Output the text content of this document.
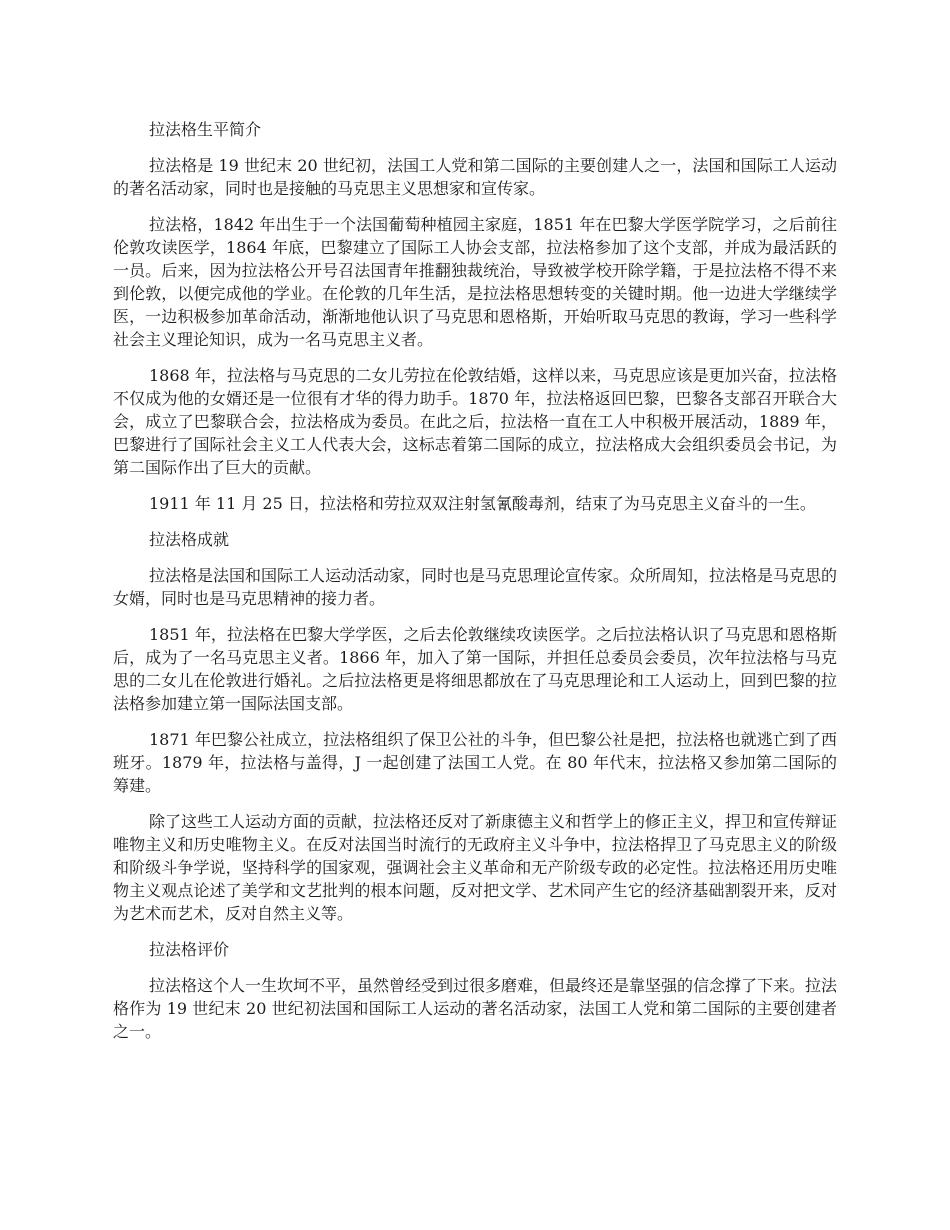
拉法格生平简介

拉法格是 19 世纪末 20 世纪初，法国工人党和第二国际的主要创建人之一，法国和国际工人运动的著名活动家，同时也是接触的马克思主义思想家和宣传家。

拉法格，1842 年出生于一个法国葡萄种植园主家庭，1851 年在巴黎大学医学院学习，之后前往伦敦攻读医学，1864 年底，巴黎建立了国际工人协会支部，拉法格参加了这个支部，并成为最活跃的一员。后来，因为拉法格公开号召法国青年推翻独裁统治，导致被学校开除学籍，于是拉法格不得不来到伦敦，以便完成他的学业。在伦敦的几年生活，是拉法格思想转变的关键时期。他一边进大学继续学医，一边积极参加革命活动，渐渐地他认识了马克思和恩格斯，开始听取马克思的教诲，学习一些科学社会主义理论知识，成为一名马克思主义者。

1868 年，拉法格与马克思的二女儿劳拉在伦敦结婚，这样以来，马克思应该是更加兴奋，拉法格不仅成为他的女婿还是一位很有才华的得力助手。1870 年，拉法格返回巴黎，巴黎各支部召开联合大会，成立了巴黎联合会，拉法格成为委员。在此之后，拉法格一直在工人中积极开展活动，1889 年，巴黎进行了国际社会主义工人代表大会，这标志着第二国际的成立，拉法格成大会组织委员会书记，为第二国际作出了巨大的贡献。

1911 年 11 月 25 日，拉法格和劳拉双双注射氢氰酸毒剂，结束了为马克思主义奋斗的一生。

拉法格成就

拉法格是法国和国际工人运动活动家，同时也是马克思理论宣传家。众所周知，拉法格是马克思的女婿，同时也是马克思精神的接力者。

1851 年，拉法格在巴黎大学学医，之后去伦敦继续攻读医学。之后拉法格认识了马克思和恩格斯后，成为了一名马克思主义者。1866 年，加入了第一国际，并担任总委员会委员，次年拉法格与马克思的二女儿在伦敦进行婚礼。之后拉法格更是将细思都放在了马克思理论和工人运动上，回到巴黎的拉法格参加建立第一国际法国支部。

1871 年巴黎公社成立，拉法格组织了保卫公社的斗争，但巴黎公社是把，拉法格也就逃亡到了西班牙。1879 年，拉法格与盖得，J 一起创建了法国工人党。在 80 年代末，拉法格又参加第二国际的筹建。

除了这些工人运动方面的贡献，拉法格还反对了新康德主义和哲学上的修正主义，捍卫和宣传辩证唯物主义和历史唯物主义。在反对法国当时流行的无政府主义斗争中，拉法格捍卫了马克思主义的阶级和阶级斗争学说，坚持科学的国家观，强调社会主义革命和无产阶级专政的必定性。拉法格还用历史唯物主义观点论述了美学和文艺批判的根本问题，反对把文学、艺术同产生它的经济基础割裂开来，反对为艺术而艺术，反对自然主义等。

拉法格评价

拉法格这个人一生坎坷不平，虽然曾经受到过很多磨难，但最终还是靠坚强的信念撑了下来。拉法格作为 19 世纪末 20 世纪初法国和国际工人运动的著名活动家，法国工人党和第二国际的主要创建者之一。
